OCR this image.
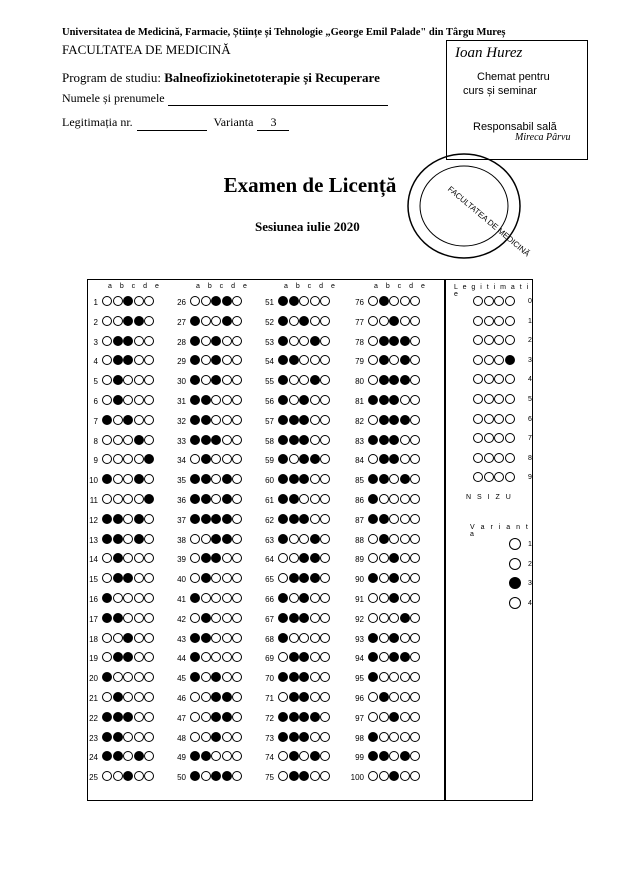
Universitatea de Medicină, Farmacie, Științe și Tehnologie „George Emil Palade" din Târgu Mureș
FACULTATEA DE MEDICINĂ
Program de studiu: Balneofiziokinetoterapie și Recuperare
Numele și prenumele
Legitimația nr.	Varianta 3
Ioan Hurez
Chemat pentru
curs și seminar
Responsabil sală
Mireca Pârvu
FACULTATEA DE MEDICINĂ
Examen de Licență
Sesiunea iulie 2020
a b c d e
1
2
3
4
5
6
7
8
9
10
11
12
13
14
15
16
17
18
19
20
21
22
23
24
25
a b c d e
26
27
28
29
30
31
32
33
34
35
36
37
38
39
40
41
42
43
44
45
46
47
48
49
50
a b c d e
51
52
53
54
55
56
57
58
59
60
61
62
63
64
65
66
67
68
69
70
71
72
73
74
75
a b c d e
76
77
78
79
80
81
82
83
84
85
86
87
88
89
90
91
92
93
94
95
96
97
98
99
100
L e g i t i m a t i e
0
1
2
3
4
5
6
7
8
9
N S I Z U
V a r i a n t a
1
2
3
4
